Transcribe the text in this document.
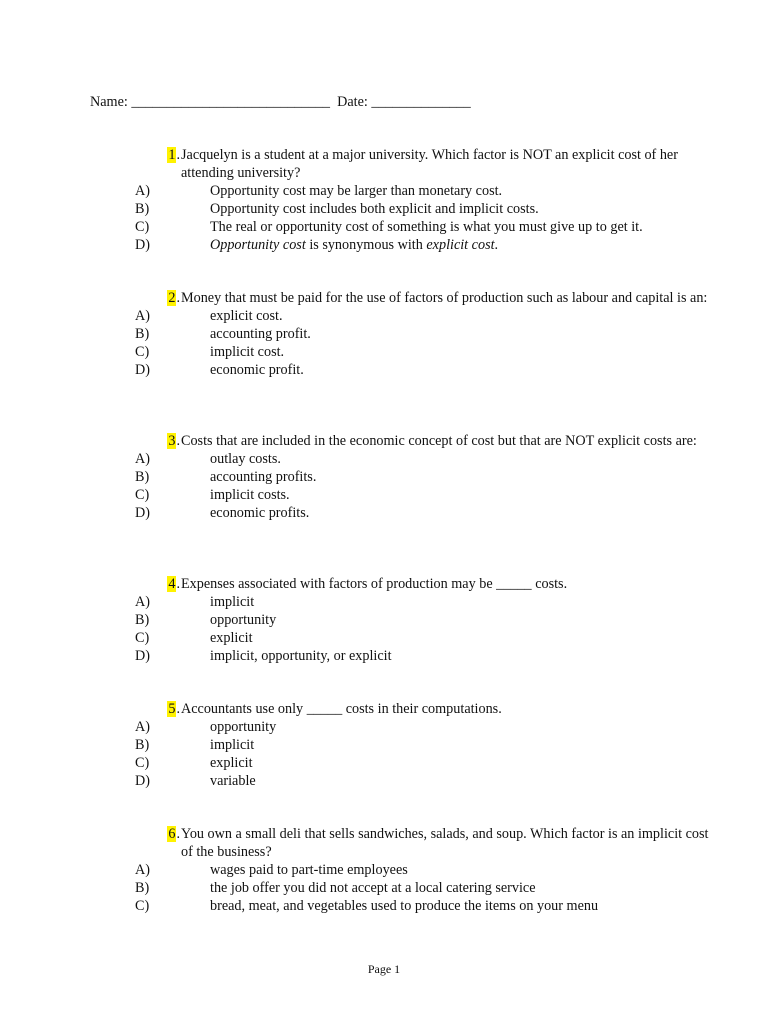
Name: ____________________________ Date: ______________
1. Jacquelyn is a student at a major university. Which factor is NOT an explicit cost of her attending university?
A)	Opportunity cost may be larger than monetary cost.
B)	Opportunity cost includes both explicit and implicit costs.
C)	The real or opportunity cost of something is what you must give up to get it.
D)	Opportunity cost is synonymous with explicit cost.
2. Money that must be paid for the use of factors of production such as labour and capital is an:
A)	explicit cost.
B)	accounting profit.
C)	implicit cost.
D)	economic profit.
3. Costs that are included in the economic concept of cost but that are NOT explicit costs are:
A)	outlay costs.
B)	accounting profits.
C)	implicit costs.
D)	economic profits.
4. Expenses associated with factors of production may be _____ costs.
A)	implicit
B)	opportunity
C)	explicit
D)	implicit, opportunity, or explicit
5. Accountants use only _____ costs in their computations.
A)	opportunity
B)	implicit
C)	explicit
D)	variable
6. You own a small deli that sells sandwiches, salads, and soup. Which factor is an implicit cost of the business?
A)	wages paid to part-time employees
B)	the job offer you did not accept at a local catering service
C)	bread, meat, and vegetables used to produce the items on your menu
Page 1
